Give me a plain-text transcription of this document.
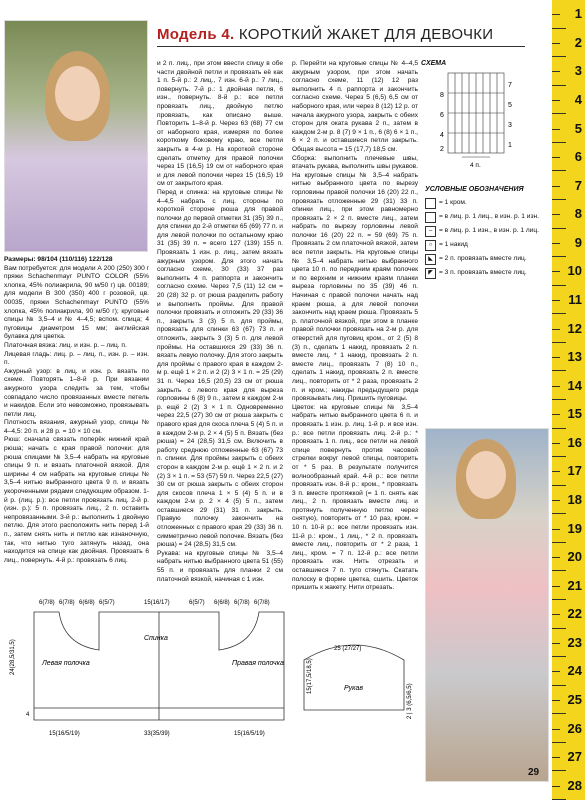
Модель 4. КОРОТКИЙ ЖАКЕТ ДЛЯ ДЕВОЧКИ

Размеры: 98/104 (110/116) 122/128

Вам потребуется: для модели А 200 (250) 300 г пряжи Schachenmayr PUNTO COLOR (55% хлопка, 45% полиакрила, 90 м/50 г) цв. 00189; для модели В 300 (350) 400 г розовой, цв. 00035, пряжи Schachenmayr PUNTO (55% хлопка, 45% полиакрила, 90 м/50 г); круговые спицы № 3,5–4 и № 4–4,5; вспом. спица; 4 пуговицы диаметром 15 мм; английская булавка для цветка.

Платочная вязка: лиц. и изн. р. – лиц. п.

Лицевая гладь: лиц. р. – лиц. п., изн. р. – изн. п.

Ажурный узор: в лиц. и изн. р. вязать по схеме. Повторять 1–8-й р. При вязании ажурного узора следить за тем, чтобы совпадало число провязанных вместе петель и накидов. Если это невозможно, провязывать петли лиц.

Плотность вязания, ажурный узор, спицы № 4–4,5: 20 п. и 28 р. = 10 × 10 см.

Рюш: сначала связать поперёк нижний край рюша; начать с края правой полочки: для рюша спицами № 3,5–4 набрать на круговые спицы 9 п. и вязать платочной вязкой. Для ширины 4 см набрать на круговые спицы № 3,5–4 нитью выбранного цвета 9 п. и вязать укороченными рядами следующим образом. 1-й р. (лиц. р.): все петли провязать лиц. 2-й р. (изн. р.): 5 п. провязать лиц., 2 п. оставить непровязанными. 3-й р.: выполнить 1 двойную петлю. Для этого расположить нить перед 1-й п., затем снять нить и петлю как изнаночную, так, что нитью туго затянуть назад, она находится на спице как двойная. Провязать 6 лиц., повернуть. 4-й р.: провязать 6 лиц.

и 2 п. лиц., при этом ввести спицу в обе части двойной петли и провязать её как 1 п. 5-й р.: 2 лиц., 7 изн. 6-й р.: 7 лиц., повернуть. 7-й р.: 1 двойная петля, 6 изн., повернуть. 8-й р.: все петли провязать лиц., двойную петлю провязать, как описано выше. Повторить 1–8-й р. Через 63 (68) 77 см от наборного края, измеряя по более короткому боковому краю, все петли закрыть в 4-м р. На короткой стороне сделать отметку для правой полочки через 15 (16,5) 19 см от наборного края и для левой полочки через 15 (16,5) 19 см от закрытого края.

Перед и спинка: на круговые спицы № 4–4,5 набрать с лиц. стороны по короткой стороне рюша для правой полочки до первой отметки 31 (35) 39 п., для спинки до 2-й отметки 65 (69) 77 п. и для левой полочки по остальному краю 31 (35) 39 п. = всего 127 (139) 155 п. Провязать 1 изн. р. лиц., затем вязать ажурным узором. Для этого начать согласно схеме, 30 (33) 37 раз выполнить 4 п. раппорта и закончить согласно схеме. Через 7,5 (11) 12 см = 20 (28) 32 р. от рюша разделить работу и выполнить проймы. Для правой полочки провязать и отложить 29 (33) 36 п., закрыть 3 (3) 5 п. для проймы, провязать для спинки 63 (67) 73 п. и отложить, закрыть 3 (3) 5 п. для левой проймы. На оставшихся 29 (33) 36 п. вязать левую полочку. Для этого закрыть для проймы с правого края в каждом 2-м р. ещё 1 × 2 п. и 2 (2) 3 × 1 п. = 25 (29) 31 п. Через 16,5 (20,5) 23 см от рюша закрыть с левого края для выреза горловины 6 (8) 9 п., затем в каждом 2-м р. ещё 2 (2) 3 × 1 п. Одновременно через 22,5 (27) 30 см от рюша закрыть с правого края для скоса плеча 5 (4) 5 п. и в каждом 2-м р. 2 × 4 (5) 5 п. Вязать (без рюша) = 24 (28,5) 31,5 см. Включить в работу среднюю отложенные 63 (67) 73 п. спинки. Для проймы закрыть с обеих сторон в каждом 2-м р. ещё 1 × 2 п. и 2 (2) 3 × 1 п. = 53 (57) 59 п. Через 22,5 (27) 30 см от рюша закрыть с обеих сторон для скосов плеча 1 × 5 (4) 5 п. и в каждом 2-м р. 2 × 4 (5) 5 п., затем оставшиеся 29 (31) 31 п. закрыть. Правую полочку закончить на отложенных с правого края 29 (33) 36 п. симметрично левой полочке. Вязать (без рюша) = 24 (28,5) 31,5 см.

Рукава: на круговые спицы № 3,5–4 набрать нитью выбранного цвета 51 (55) 55 п. и провязать для планки 2 см платочной вязкой, начиная с 1 изн.

р. Перейти на круговые спицы № 4–4,5 ажурным узором, при этом начать согласно схеме, 11 (12) 12 раз выполнить 4 п. раппорта и закончить согласно схеме. Через 5 (6,5) 6,5 см от наборного края, или через 8 (12) 12 р. от начала ажурного узора, закрыть с обеих сторон для оката рукава 2 п., затем в каждом 2-м р. 8 (7) 9 × 1 п., 6 (8) 6 × 1 п., 6 × 2 п. и оставшиеся петли закрыть. Общая высота = 15 (17,7) 18,5 см.

Сборка: выполнить плечевые швы, втачать рукава, выполнить швы рукавов. На круговые спицы № 3,5–4 набрать нитью выбранного цвета по вырезу горловины правой полочки 16 (20) 22 п., провязать отложенные 29 (31) 33 п. спинки лиц., при этом равномерно провязать 2 × 2 п. вместе лиц., затем набрать по вырезу горловины левой полочки 16 (20) 22 п. = 59 (69) 75 п. Провязать 2 см платочной вязкой, затем все петли закрыть. На круговые спицы № 3,5–4 набрать нитью выбранного цвета 10 п. по передним краям полочек и по верхним и нижним краям планки выреза горловины по 35 (39) 46 п. Начиная с правой полочки начать над краем рюша, а для левой полочки закончить над краем рюша. Провязать 5 р. платочной вязкой, при этом в планке правой полочки провязать на 2-м р. для отверстий для пуговиц кром., от 2 (5) 8 (3) п., сделать 1 накид, провязать 2 п. вместе лиц. * 1 накид, провязать 2 п. вместе лиц., провязать 7 (8) 10 п., сделать 1 накид, провязать 2 п. вместе лиц., повторить от * 2 раза, провязать 2 п. и кром.; накиды предыдущего ряда провязывать лиц. Пришить пуговицы.

Цветок: на круговые спицы № 3,5–4 набрать нитью выбранного цвета 6 п. и провязать 1 изн. р. лиц. 1-й р. и все изн. р.: все петли провязать лиц. 2-й р.: * провязать 1 п. лиц., все петли на левой спице повернуть против часовой стрелки вокруг левой спицы, повторить от * 5 раз. В результате получится волнообразный край. 4-й р.: все петли провязать изн. 8-й р.: кром., * провязать 3 п. вместе протяжкой (= 1 п. снять как лиц., 2 п. провязать вместе лиц. и протянуть полученную петлю через снятую), повторить от * 10 раз, кром. = 10 п. 10-й р.: все петли провязать изн. 11-й р.: кром., 1 лиц., * 2 п. провязать вместе лиц., повторить от * 2 раза, 1 лиц., кром. = 7 п. 12-й р.: все петли провязать изн. Нить отрезать и оставшиеся 7 п. туго стянуть. Скатать полоску в форме цветка, сшить. Цветок пришить к жакету. Нити отрезать.

СХЕМА
7
5
3
1
8
6
4
2
4 п.
УСЛОВНЫЕ ОБОЗНАЧЕНИЯ
= 1 кром.
= в лиц. р. 1 лиц., в изн. р. 1 изн.
–	= в лиц. р. 1 изн., в изн. р. 1 лиц.
○	= 1 накид
◣ = 2 п. провязать вместе лиц.
◤ = 3 п. провязать вместе лиц.
6(7/8) 6(7/8) 6(6/8) 6(5/7)	15(16/17)	6(5/7) 6(6/8) 6(7/8) 6(7/8)
Левая полочка
Спинка
Правая полочка
Рукав
15(16/5/19)	33(35/39)	15(16/5/19)
24(28,5/31,5)
4
25 (27/27)
15(17,5/18,5)
2 | 3 (6,5/6,5)
29
1
2
3
4
5
6
7
8
9
10
11
12
13
14
15
16
17
18
19
20
21
22
23
24
25
26
27
28
